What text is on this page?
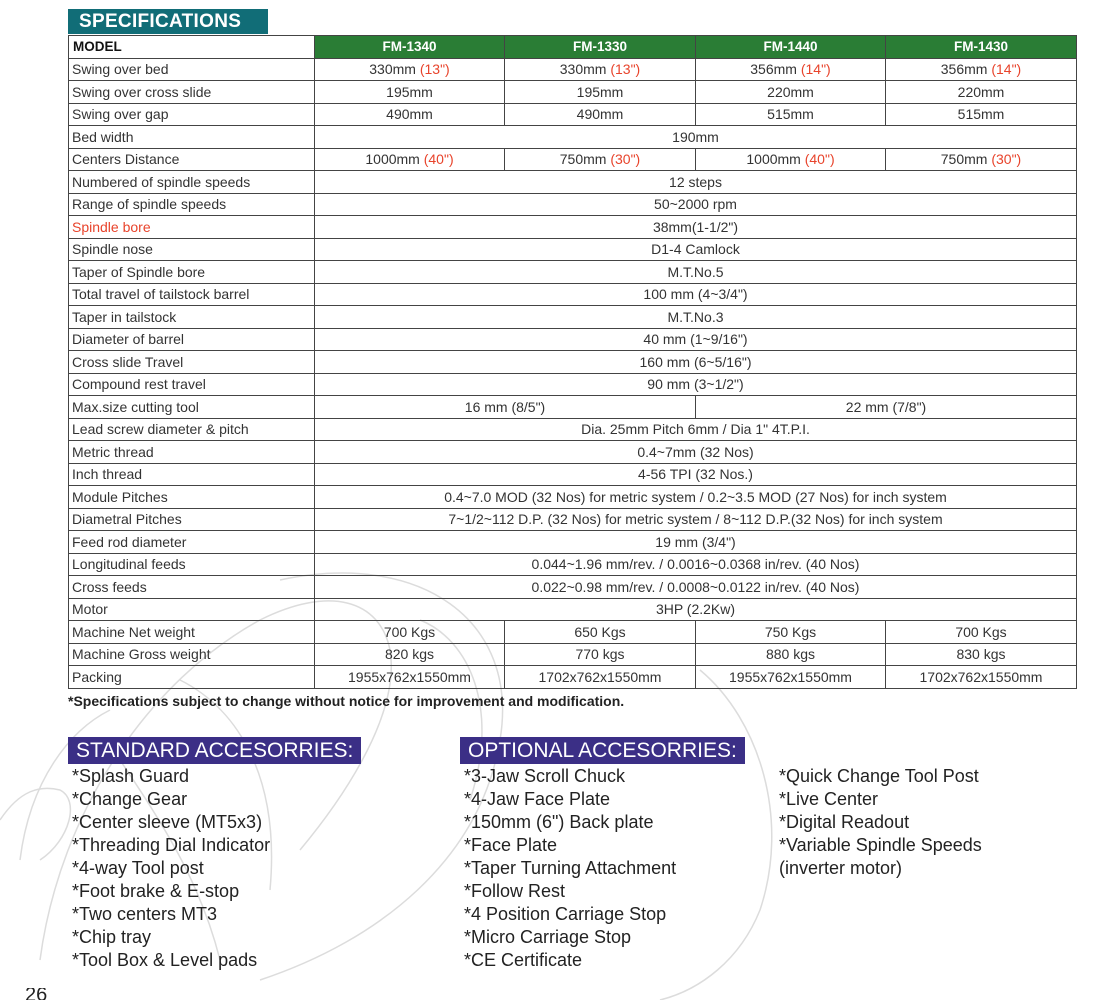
SPECIFICATIONS
MODEL	FM-1340	FM-1330	FM-1440	FM-1430
Swing over bed	330mm (13")	330mm (13")	356mm (14")	356mm (14")
Swing over cross slide	195mm	195mm	220mm	220mm
Swing over gap	490mm	490mm	515mm	515mm
Bed width	190mm			
Centers Distance	1000mm (40")	750mm (30")	1000mm (40")	750mm (30")
Numbered of spindle speeds	12 steps			
Range of spindle speeds	50~2000 rpm			
Spindle bore	38mm(1-1/2")			
Spindle nose	D1-4 Camlock			
Taper of Spindle bore	M.T.No.5			
Total travel of tailstock barrel	100 mm (4~3/4")			
Taper in tailstock	M.T.No.3			
Diameter of barrel	40 mm (1~9/16")			
Cross slide Travel	160 mm (6~5/16")			
Compound rest travel	90 mm (3~1/2")			
Max.size cutting tool	16 mm (8/5")		22 mm (7/8")	
Lead screw diameter & pitch	Dia. 25mm Pitch 6mm / Dia 1" 4T.P.I.			
Metric thread	0.4~7mm (32 Nos)			
Inch thread	4-56 TPI (32 Nos.)			
Module Pitches	0.4~7.0 MOD (32 Nos) for metric system / 0.2~3.5 MOD (27 Nos) for inch system			
Diametral Pitches	7~1/2~112 D.P. (32 Nos) for metric system / 8~112 D.P.(32 Nos) for inch system			
Feed rod diameter	19 mm (3/4")			
Longitudinal feeds	0.044~1.96 mm/rev. / 0.0016~0.0368 in/rev. (40 Nos)			
Cross feeds	0.022~0.98 mm/rev. / 0.0008~0.0122 in/rev. (40 Nos)			
Motor	3HP (2.2Kw)			
Machine Net weight	700 Kgs	650 Kgs	750 Kgs	700 Kgs
Machine Gross weight	820 kgs	770 kgs	880 kgs	830 kgs
Packing	1955x762x1550mm	1702x762x1550mm	1955x762x1550mm	1702x762x1550mm
*Specifications subject to change without notice for improvement and modification.
STANDARD ACCESORRIES:
*Splash Guard
*Change Gear
*Center sleeve (MT5x3)
*Threading Dial Indicator
*4-way Tool post
*Foot brake & E-stop
*Two centers MT3
*Chip tray
*Tool Box & Level pads
OPTIONAL ACCESORRIES:
*3-Jaw Scroll Chuck
*4-Jaw Face Plate
*150mm (6") Back plate
*Face Plate
*Taper Turning Attachment
*Follow Rest
*4 Position Carriage Stop
*Micro Carriage Stop
*CE Certificate
*Quick Change Tool Post
*Live Center
*Digital Readout
*Variable Spindle Speeds
(inverter motor)
26
